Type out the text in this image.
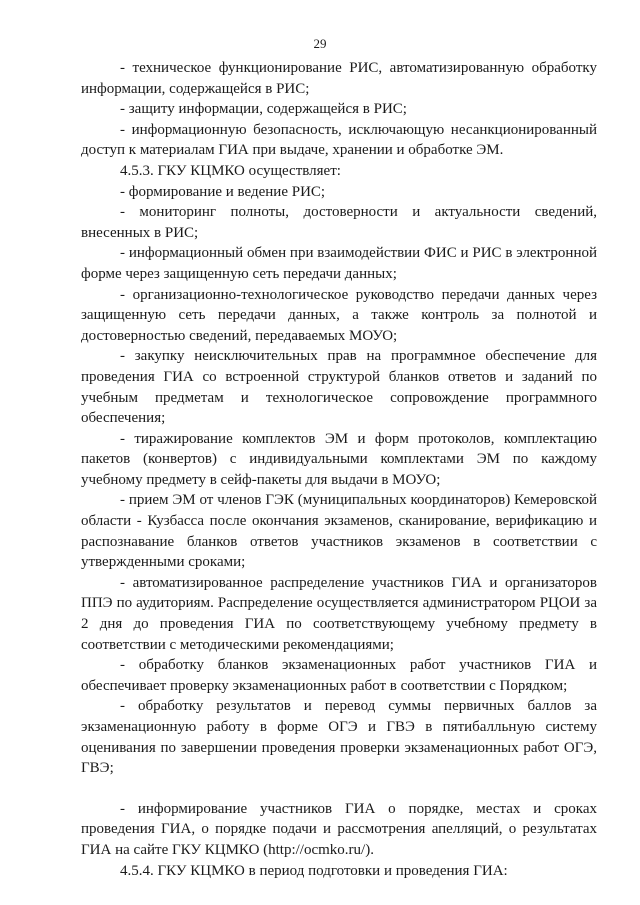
29

- техническое функционирование РИС, автоматизированную обработку информации, содержащейся в РИС;

- защиту информации, содержащейся в РИС;

- информационную безопасность, исключающую несанкционированный доступ к материалам ГИА при выдаче, хранении и обработке ЭМ.

4.5.3. ГКУ КЦМКО осуществляет:

- формирование и ведение РИС;

- мониторинг полноты, достоверности и актуальности сведений, внесенных в РИС;

- информационный обмен при взаимодействии ФИС и РИС в электронной форме через защищенную сеть передачи данных;

- организационно-технологическое руководство передачи данных через защищенную сеть передачи данных, а также контроль за полнотой и достоверностью сведений, передаваемых МОУО;

- закупку неисключительных прав на программное обеспечение для проведения ГИА со встроенной структурой бланков ответов и заданий по учебным предметам и технологическое сопровождение программного обеспечения;

- тиражирование комплектов ЭМ и форм протоколов, комплектацию пакетов (конвертов) с индивидуальными комплектами ЭМ по каждому учебному предмету в сейф-пакеты для выдачи в МОУО;

- прием ЭМ от членов ГЭК (муниципальных координаторов) Кемеровской области - Кузбасса после окончания экзаменов, сканирование, верификацию и распознавание бланков ответов участников экзаменов в соответствии с утвержденными сроками;

- автоматизированное распределение участников ГИА и организаторов ППЭ по аудиториям. Распределение осуществляется администратором РЦОИ за 2 дня до проведения ГИА по соответствующему учебному предмету в соответствии с методическими рекомендациями;

- обработку бланков экзаменационных работ участников ГИА и обеспечивает проверку экзаменационных работ в соответствии с Порядком;

- обработку результатов и перевод суммы первичных баллов за экзаменационную работу в форме ОГЭ и ГВЭ в пятибалльную систему оценивания по завершении проведения проверки экзаменационных работ ОГЭ, ГВЭ;

- информирование участников ГИА о порядке, местах и сроках проведения ГИА, о порядке подачи и рассмотрения апелляций, о результатах ГИА на сайте ГКУ КЦМКО (http://ocmko.ru/).

4.5.4. ГКУ КЦМКО в период подготовки и проведения ГИА:
